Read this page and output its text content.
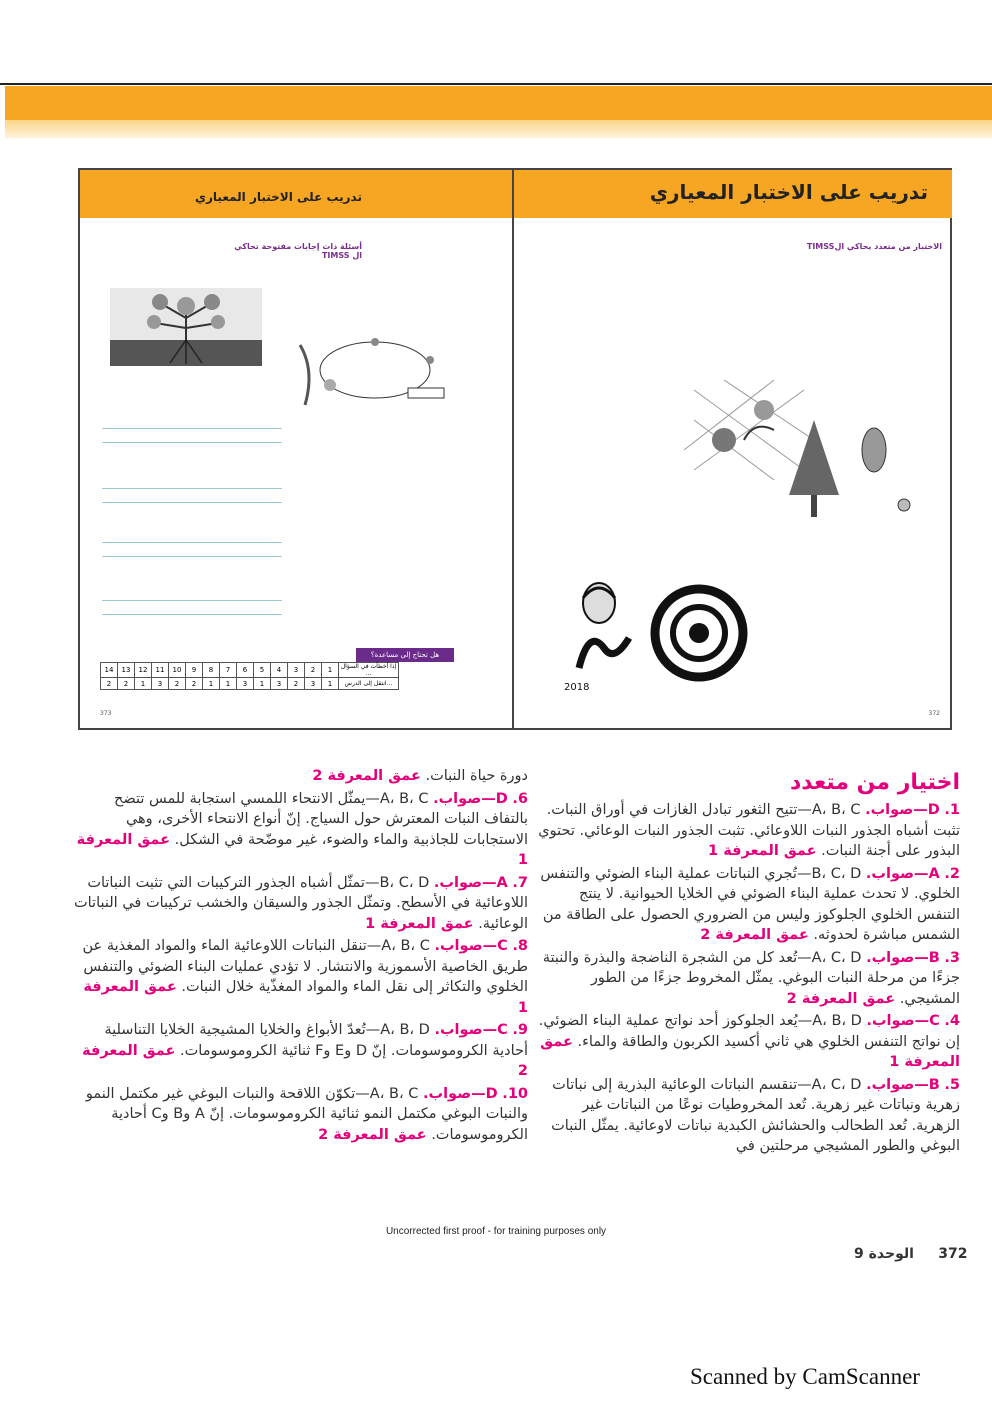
تدريب على الاختبار المعياري
أسئلة ذات إجابات مفتوحة تحاكي ال TIMSS
هل تحتاج إلى مساعدة؟
14	13	12	11	10	9	8	7	6	5	4	3	2	1	إذا أخطأت في السؤال ...
2	2	1	3	2	2	1	1	3	1	3	2	3	1	انتقل إلى الدرس...
373
تدريب على الاختبار المعياري
الاختبار من متعدد يحاكي الTIMSS
2018
372
اختيار من متعدد
1. D—صواب. A، B، C—تتيح الثغور تبادل الغازات في أوراق النبات. تثبت أشباه الجذور النبات اللاوعائي. تثبت الجذور النبات الوعائي. تحتوي البذور على أجنة النبات. عمق المعرفة 1
2. A—صواب. B، C، D—تُجري النباتات عملية البناء الضوئي والتنفس الخلوي. لا تحدث عملية البناء الضوئي في الخلايا الحيوانية. لا ينتج التنفس الخلوي الجلوكوز وليس من الضروري الحصول على الطاقة من الشمس مباشرة لحدوثه. عمق المعرفة 2
3. B—صواب. A، C، D—تُعد كل من الشجرة الناضجة والبذرة والنبتة جزءًا من مرحلة النبات البوغي. يمثّل المخروط جزءًا من الطور المشيجي. عمق المعرفة 2
4. C—صواب. A، B، D—يُعد الجلوكوز أحد نواتج عملية البناء الضوئي. إن نواتج التنفس الخلوي هي ثاني أكسيد الكربون والطاقة والماء. عمق المعرفة 1
5. B—صواب. A، C، D—تنقسم النباتات الوعائية البذرية إلى نباتات زهرية ونباتات غير زهرية. تُعد المخروطيات نوعًا من النباتات غير الزهرية. تُعد الطحالب والحشائش الكبدية نباتات لاوعائية. يمثّل النبات البوغي والطور المشيجي مرحلتين في
دورة حياة النبات. عمق المعرفة 2
6. D—صواب. A، B، C—يمثّل الانتحاء اللمسي استجابة للمس تتضح بالتفاف النبات المعترش حول السياج. إنّ أنواع الانتحاء الأخرى، وهي الاستجابات للجاذبية والماء والضوء، غير موضّحة في الشكل. عمق المعرفة 1
7. A—صواب. B، C، D—تمثّل أشباه الجذور التركيبات التي تثبت النباتات اللاوعائية في الأسطح. وتمثّل الجذور والسيقان والخشب تركيبات في النباتات الوعائية. عمق المعرفة 1
8. C—صواب. A، B، C—تنقل النباتات اللاوعائية الماء والمواد المغذية عن طريق الخاصية الأسموزية والانتشار. لا تؤدي عمليات البناء الضوئي والتنفس الخلوي والتكاثر إلى نقل الماء والمواد المغذّية خلال النبات. عمق المعرفة 1
9. C—صواب. A، B، D—تُعدّ الأبواغ والخلايا المشيجية الخلايا التناسلية أحادية الكروموسومات. إنّ D وE وF ثنائية الكروموسومات. عمق المعرفة 2
10. D—صواب. A، B، C—تكوّن اللاقحة والنبات البوغي غير مكتمل النمو والنبات البوغي مكتمل النمو ثنائية الكروموسومات. إنّ A وB وC أحادية الكروموسومات. عمق المعرفة 2
Uncorrected first proof - for training purposes only
372     الوحدة 9
Scanned by CamScanner
